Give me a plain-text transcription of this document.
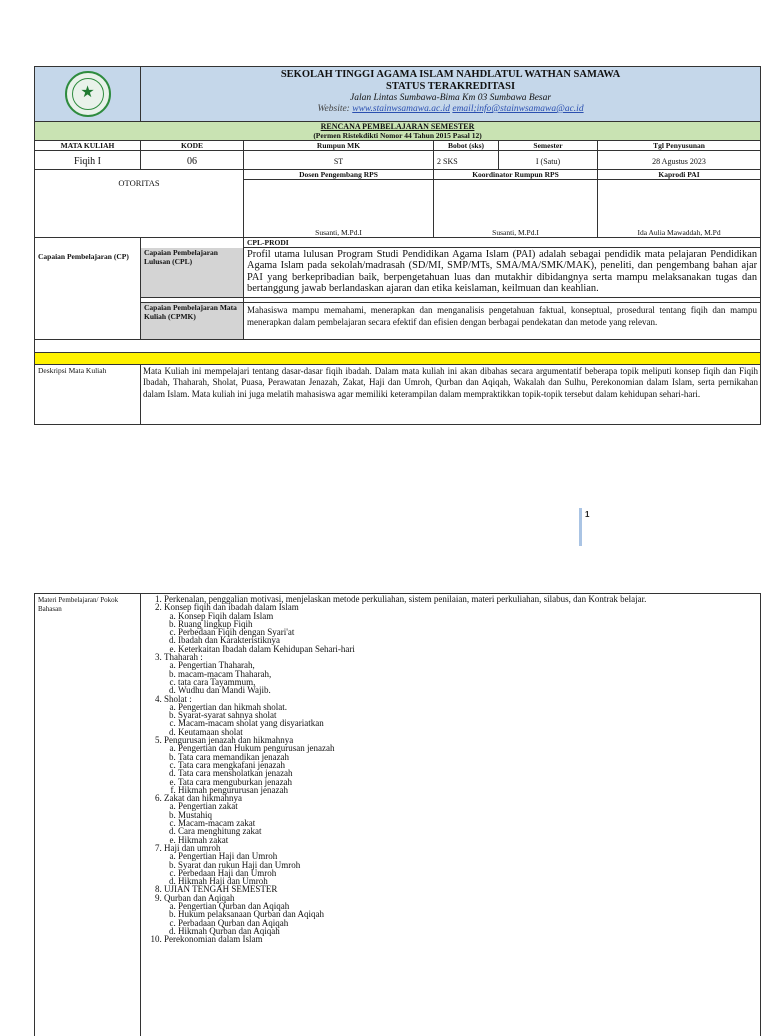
★

SEKOLAH TINGGI AGAMA ISLAM NAHDLATUL WATHAN SAMAWA
STATUS TERAKREDITASI
Jalan Lintas Sumbawa-Bima Km 03 Sumbawa Besar
Website: www.stainwsamawa.ac.id email;info@stainwsamawa@ac.id				

RENCANA PEMBELAJARAN SEMESTER
(Permen Ristekdikti Nomor 44 Tahun 2015 Pasal 12)					

MATA KULIAH	KODE	Rumpun MK	Bobot (sks)	Semester	Tgl Penyusunan
Fiqih I	06	ST	2 SKS	I (Satu)	28 Agustus 2023
OTORITAS		Dosen Pengembang RPS	Koordinator Rumpun RPS		Kaprodi PAI
		Susanti, M.Pd.I	Susanti, M.Pd.I		Ida Aulia Mawaddah, M.Pd
Capaian Pembelajaran (CP)		CPL-PRODI			
	Capaian Pembelajaran Lulusan (CPL)	Profil utama lulusan Program Studi Pendidikan Agama Islam (PAI) adalah sebagai pendidik mata pelajaran Pendidikan Agama Islam pada sekolah/madrasah (SD/MI, SMP/MTs, SMA/MA/SMK/MAK), peneliti, dan pengembang bahan ajar PAI yang berkepribadian baik, berpengetahuan luas dan mutakhir dibidangnya serta mampu melaksanakan tugas dan bertanggung jawab berlandaskan ajaran dan etika keislaman, keilmuan dan keahlian.			

	Capaian Pembelajaran Mata Kuliah (CPMK)	Mahasiswa mampu memahami, menerapkan dan menganalisis pengetahuan faktual, konseptual, prosedural tentang fiqih dan mampu menerapkan dalam pembelajaran secara efektif dan efisien dengan berbagai pendekatan dan metode yang relevan.			

Deskripsi Mata Kuliah	Mata Kuliah ini mempelajari tentang dasar-dasar fiqih ibadah. Dalam mata kuliah ini akan dibahas secara argumentatif beberapa topik meliputi konsep fiqih dan Fiqih Ibadah, Thaharah, Sholat, Puasa, Perawatan Jenazah, Zakat, Haji dan Umroh, Qurban dan Aqiqah, Wakalah dan Sulhu, Perekonomian dalam Islam, serta pernikahan dalam Islam. Mata kuliah ini juga melatih mahasiswa agar memiliki keterampilan dalam mempraktikkan topik-topik tersebut dalam kehidupan sehari-hari.				
1
Materi Pembelajaran/ Pokok Bahasan	
1. Perkenalan, penggalian motivasi, menjelaskan metode perkuliahan, sistem penilaian, materi perkuliahan, silabus, dan Kontrak belajar.
2. Konsep fiqih dan ibadah dalam Islam
a. Konsep Fiqih dalam Islam
b. Ruang lingkup Fiqih
c. Perbedaan Fiqih dengan Syari'at
d. Ibadah dan Karakteristiknya
e. Keterkaitan Ibadah dalam Kehidupan Sehari-hari
3. Thaharah :
a. Pengertian Thaharah,
b. macam-macam Thaharah,
c. tata cara Tayammum,
d. Wudhu dan Mandi Wajib.
4. Sholat :
a. Pengertian dan hikmah sholat.
b. Syarat-syarat sahnya sholat
c. Macam-macam sholat yang disyariatkan
d. Keutamaan sholat
5. Pengurusan jenazah dan hikmahnya
a. Pengertian dan Hukum pengurusan jenazah
b. Tata cara memandikan jenazah
c. Tata cara mengkafani jenazah
d. Tata cara mensholatkan jenazah
e. Tata cara menguburkan jenazah
f. Hikmah pengururusan jenazah
6. Zakat dan hikmahnya
a. Pengertian zakat
b. Mustahiq
c. Macam-macam zakat
d. Cara menghitung zakat
e. Hikmah zakat
7. Haji dan umroh
a. Pengertian Haji dan Umroh
b. Syarat dan rukun Haji dan Umroh
c. Perbedaan Haji dan Umroh
d. Hikmah Haji dan Umroh
8. UJIAN TENGAH SEMESTER
9. Qurban dan Aqiqah
a. Pengertian Qurban dan Aqiqah
b. Hukum pelaksanaan Qurban dan Aqiqah
c. Perbadaan Qurban dan Aqiqah
d. Hikmah Qurban dan Aqiqah
10. Perekonomian dalam Islam
